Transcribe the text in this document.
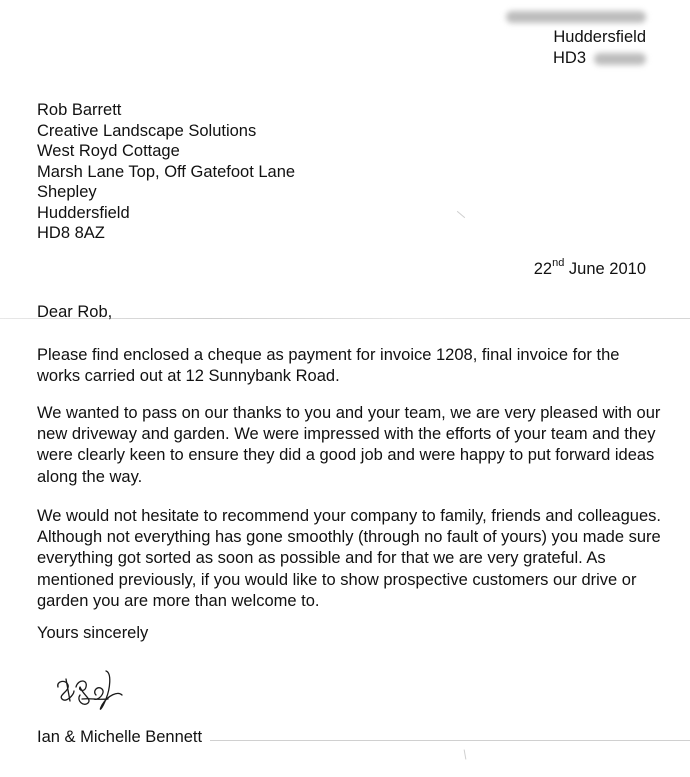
Huddersfield
HD3
Rob Barrett
Creative Landscape Solutions
West Royd Cottage
Marsh Lane Top, Off Gatefoot Lane
Shepley
Huddersfield
HD8 8AZ
22nd June 2010
Dear Rob,
Please find enclosed a cheque as payment for invoice 1208, final invoice for the works carried out at 12 Sunnybank Road.
We wanted to pass on our thanks to you and your team, we are very pleased with our new driveway and garden. We were impressed with the efforts of your team and they were clearly keen to ensure they did a good job and were happy to put forward ideas along the way.
We would not hesitate to recommend your company to family, friends and colleagues. Although not everything has gone smoothly (through no fault of yours) you made sure everything got sorted as soon as possible and for that we are very grateful. As mentioned previously, if you would like to show prospective customers our drive or garden you are more than welcome to.
Yours sincerely
Ian & Michelle Bennett
